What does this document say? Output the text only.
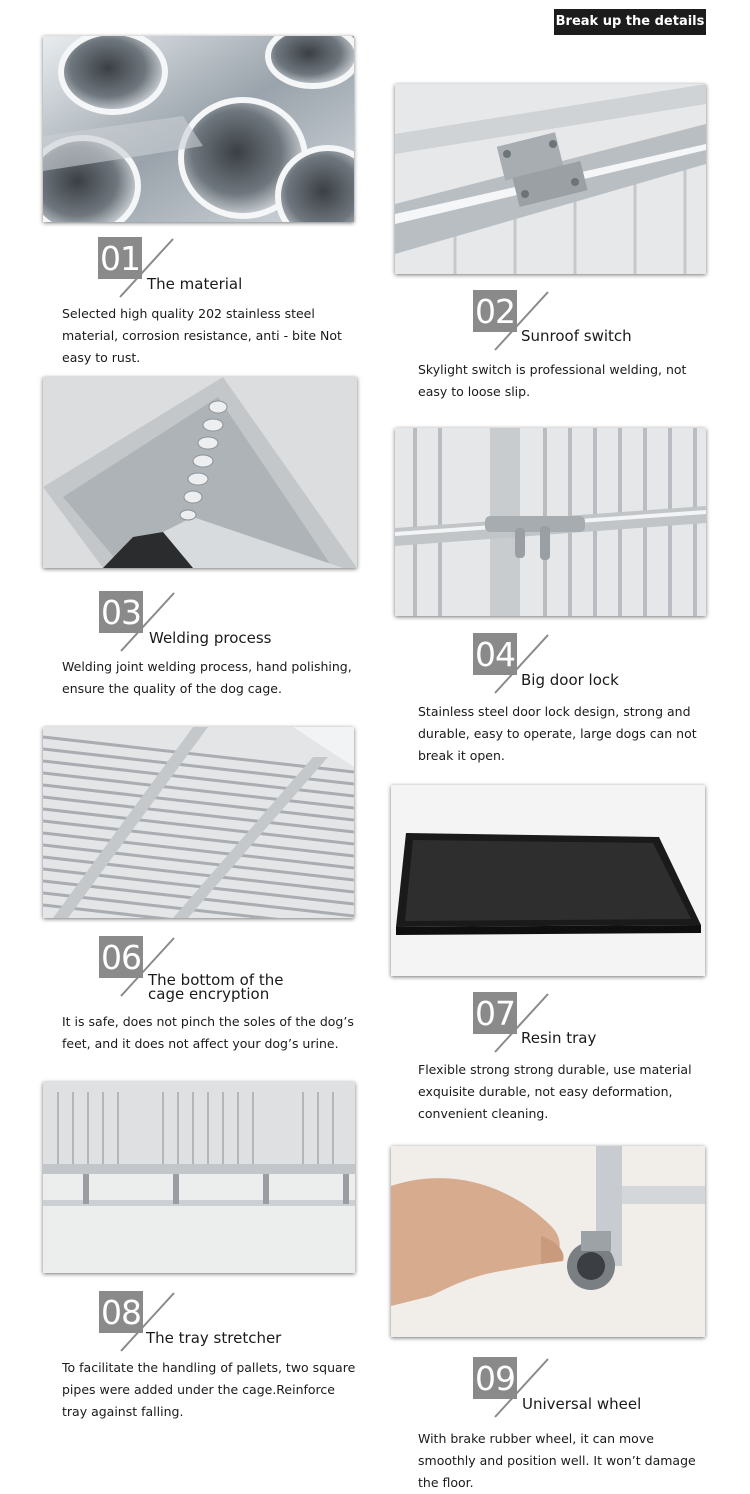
Break up the details
01
The material
Selected high quality 202 stainless steel material, corrosion resistance, anti - bite Not easy to rust.
02
Sunroof switch
Skylight switch is professional welding, not easy to loose slip.
03
Welding process
Welding joint welding process, hand polishing, ensure the quality of the dog cage.
04
Big door lock
Stainless steel door lock design, strong and durable, easy to operate, large dogs can not break it open.
06
The bottom of the cage encryption
It is safe, does not pinch the soles of the dog’s feet, and it does not affect your dog’s urine.
07
Resin tray
Flexible strong strong durable, use material exquisite durable, not easy deformation, convenient cleaning.
08
The tray stretcher
To facilitate the handling of pallets, two square pipes were added under the cage.Reinforce tray against falling.
09
Universal wheel
With brake rubber wheel, it can move smoothly and position well. It won’t damage the floor.
